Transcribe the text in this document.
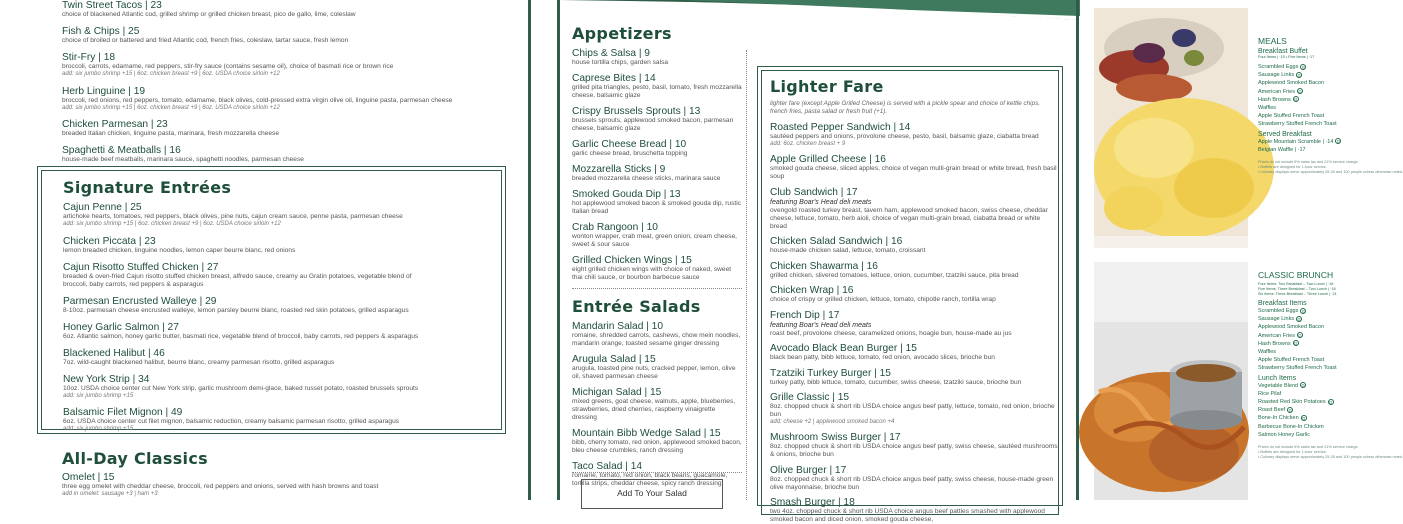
Twin Street Tacos | 23
choice of blackened Atlantic cod, grilled shrimp or grilled chicken breast, pico de gallo, lime, coleslaw
Fish & Chips | 25
choice of broiled or battered and fried Atlantic cod, french fries, coleslaw, tartar sauce, fresh lemon
Stir-Fry | 18
broccoli, carrots, edamame, red peppers, stir-fry sauce (contains sesame oil), choice of basmati rice or brown rice
add: six jumbo shrimp +15 | 6oz. chicken breast +9 | 6oz. USDA choice sirloin +12
Herb Linguine | 19
broccoli, red onions, red peppers, tomato, edamame, black olives, cold-pressed extra virgin olive oil, linguine pasta, parmesan cheese
add: six jumbo shrimp +15 | 6oz. chicken breast +9 | 6oz. USDA choice sirloin +12
Chicken Parmesan | 23
breaded Italian chicken, linguine pasta, marinara, fresh mozzarella cheese
Spaghetti & Meatballs | 16
house-made beef meatballs, marinara sauce, spaghetti noodles, parmesan cheese
Signature Entrées
Cajun Penne | 25
artichoke hearts, tomatoes, red peppers, black olives, pine nuts, cajun cream sauce, penne pasta, parmesan cheese
add: six jumbo shrimp +15 | 6oz. chicken breast +9 | 6oz. USDA choice sirloin +12
Chicken Piccata | 23
lemon breaded chicken, linguine noodles, lemon caper beurre blanc, red onions
Cajun Risotto Stuffed Chicken | 27
breaded & oven-fried Cajun risotto stuffed chicken breast, alfredo sauce, creamy au Gratin potatoes, vegetable blend of broccoli, baby carrots, red peppers & asparagus
Parmesan Encrusted Walleye | 29
8-10oz. parmesan cheese encrusted walleye, lemon parsley beurre blanc, roasted red skin potatoes, grilled asparagus
Honey Garlic Salmon | 27
6oz. Atlantic salmon, honey garlic butter, basmati rice, vegetable blend of broccoli, baby carrots, red peppers & asparagus
Blackened Halibut | 46
7oz. wild-caught blackened halibut, beurre blanc, creamy parmesan risotto, grilled asparagus
New York Strip | 34
10oz. USDA choice center cut New York strip, garlic mushroom demi-glace, baked russet potato, roasted brussels sprouts
add: six jumbo shrimp +15
Balsamic Filet Mignon | 49
6oz. USDA choice center cut filet mignon, balsamic reduction, creamy balsamic parmesan risotto, grilled asparagus
add: six jumbo shrimp +15
All-Day Classics
Omelet | 15
three egg omelet with cheddar cheese, broccoli, red peppers and onions, served with hash browns and toast
add in omelet: sausage +3 | ham +3
Appetizers
Chips & Salsa | 9
house tortilla chips, garden salsa
Caprese Bites | 14
grilled pita triangles, pesto, basil, tomato, fresh mozzarella cheese, balsamic glaze
Crispy Brussels Sprouts | 13
brussels sprouts, applewood smoked bacon, parmesan cheese, balsamic glaze
Garlic Cheese Bread | 10
garlic cheese bread, bruschetta topping
Mozzarella Sticks | 9
breaded mozzarella cheese sticks, marinara sauce
Smoked Gouda Dip | 13
hot applewood smoked bacon & smoked gouda dip, rustic Italian bread
Crab Rangoon | 10
wonton wrapper, crab meat, green onion, cream cheese, sweet & sour sauce
Grilled Chicken Wings | 15
eight grilled chicken wings with choice of naked, sweet thai chili sauce, or bourbon barbecue sauce
Entrée Salads
Mandarin Salad | 10
romaine, shredded carrots, cashews, chow mein noodles, mandarin orange, toasted sesame ginger dressing
Arugula Salad | 15
arugula, toasted pine nuts, cracked pepper, lemon, olive oil, shaved parmesan cheese
Michigan Salad | 15
mixed greens, goat cheese, walnuts, apple, blueberries, strawberries, dried cherries, raspberry vinaigrette dressing
Mountain Bibb Wedge Salad | 15
bibb, cherry tomato, red onion, applewood smoked bacon, bleu cheese crumbles, ranch dressing
Taco Salad | 14
romaine, tomato, red onion, black beans, guacamole, tortilla strips, cheddar cheese, spicy ranch dressing
Add To Your Salad
Lighter Fare
lighter fare (except Apple Grilled Cheese) is served with a pickle spear and choice of kettle chips, french fries, pasta salad or fresh fruit (+1).
Roasted Pepper Sandwich | 14
sautéed peppers and onions, provolone cheese, pesto, basil, balsamic glaze, ciabatta bread
add: 6oz. chicken breast + 9
Apple Grilled Cheese | 16
smoked gouda cheese, sliced apples, choice of vegan multi-grain bread or white bread, fresh basil soup
Club Sandwich | 17
featuring Boar's Head deli meats
ovengold roasted turkey breast, tavern ham, applewood smoked bacon, swiss cheese, cheddar cheese, lettuce, tomato, herb aioli, choice of vegan multi-grain bread, ciabatta bread or white bread
Chicken Salad Sandwich | 16
house-made chicken salad, lettuce, tomato, croissant
Chicken Shawarma | 16
grilled chicken, slivered tomatoes, lettuce, onion, cucumber, tzatziki sauce, pita bread
Chicken Wrap | 16
choice of crispy or grilled chicken, lettuce, tomato, chipotle ranch, tortilla wrap
French Dip | 17
featuring Boar's Head deli meats
roast beef, provolone cheese, caramelized onions, hoagie bun, house-made au jus
Avocado Black Bean Burger | 15
black bean patty, bibb lettuce, tomato, red onion, avocado slices, brioche bun
Tzatziki Turkey Burger | 15
turkey patty, bibb lettuce, tomato, cucumber, swiss cheese, tzatziki sauce, brioche bun
Grille Classic | 15
8oz. chopped chuck & short rib USDA choice angus beef patty, lettuce, tomato, red onion, brioche bun
add: cheese +2 | applewood smoked bacon +4
Mushroom Swiss Burger | 17
8oz. chopped chuck & short rib USDA choice angus beef patty, swiss cheese, sautéed mushrooms & onions, brioche bun
Olive Burger | 17
8oz. chopped chuck & short rib USDA choice angus beef patty, swiss cheese, house-made green olive mayonnaise, brioche bun
Smash Burger | 18
two 4oz. chopped chuck & short rib USDA choice angus beef patties smashed with applewood smoked bacon and diced onion, smoked gouda cheese,
MEALS
Breakfast Buffet
Four Items | ·15 • Five Items | ·17
Scrambled Eggs G
Sausage Links G
Applewood Smoked Bacon
American Fries G
Hash Browns G
Waffles
Apple Stuffed French Toast
Strawberry Stuffed French Toast
Served Breakfast
Apple Mountain Scramble | ·14 G
Belgian Waffle | ·17
Prices do not include 6% sales tax and 21% service charge.
• Buffets are designed for 1-hour service.
• Culinary displays serve approximately 25-30 and 100 people unless otherwise noted.
CLASSIC BRUNCH
Four Items: Two Breakfast – Two Lunch | ·16
Five Items: Three Breakfast – Two Lunch | ·18
Six Items: Three Breakfast – Three Lunch | ·21
Breakfast Items
Scrambled Eggs G
Sausage Links G
Applewood Smoked Bacon
American Fries G
Hash Browns G
Waffles
Apple Stuffed French Toast
Strawberry Stuffed French Toast
Lunch Items
Vegetable Blend G
Rice Pilaf
Roasted Red Skin Potatoes G
Roast Beef G
Bone-In Chicken G
Barbecue Bone-In Chicken
Salmon Honey Garlic
Prices do not include 6% sales tax and 21% service charge.
• Buffets are designed for 1-hour service.
• Culinary displays serve approximately 25-30 and 100 people unless otherwise noted.
